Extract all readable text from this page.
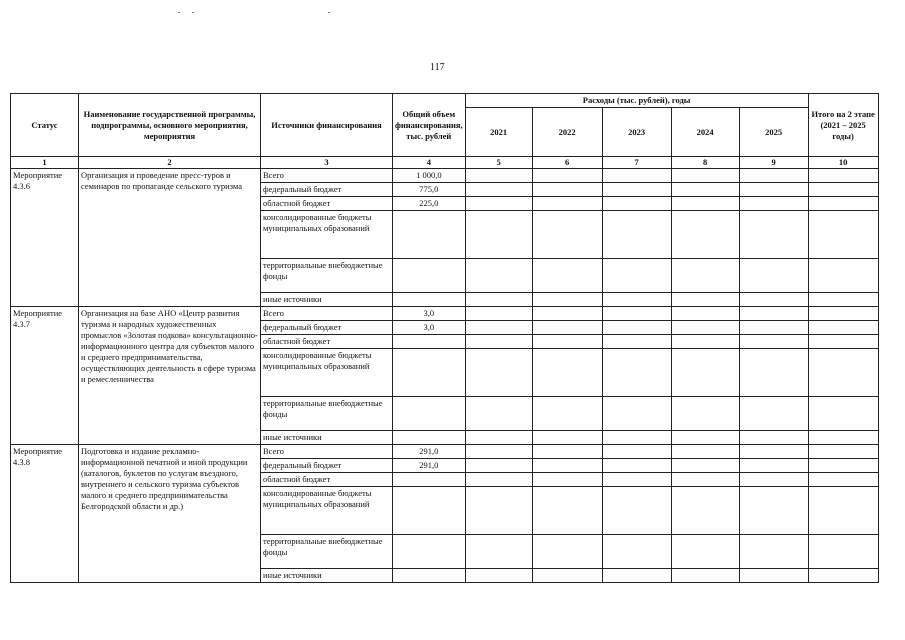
117
Статус	Наименование государственной программы, подпрограммы, основного мероприятия, мероприятия	Источники финансирования	Общий объем финансирования, тыс. рублей	Расходы (тыс. рублей), годы					Итого на 2 этапе (2021 – 2025 годы)
				2021	2022	2023	2024	2025	
1	2	3	4	5	6	7	8	9	10
Мероприятие 4.3.6	Организация и проведение пресс-туров и семинаров по пропаганде сельского туризма	Всего	1 000,0						
		федеральный бюджет	775,0						
		областной бюджет	225,0						
		консолидированные бюджеты муниципальных образований							
		территориальные внебюджетные фонды							
		иные источники							
Мероприятие 4.3.7	Организация на базе АНО «Центр развития туризма и народных художественных промыслов «Золотая подкова» консультационно-информационного центра для субъектов малого и среднего предпринимательства, осуществляющих деятельность в сфере туризма и ремесленничества	Всего	3,0						
		федеральный бюджет	3,0						
		областной бюджет							
		консолидированные бюджеты муниципальных образований							
		территориальные внебюджетные фонды							
		иные источники							
Мероприятие 4.3.8	Подготовка и издание рекламно-информационной печатной и иной продукции (каталогов, буклетов по услугам въездного, внутреннего и сельского туризма субъектов малого и среднего предпринимательства Белгородской области и др.)	Всего	291,0						
		федеральный бюджет	291,0						
		областной бюджет							
		консолидированные бюджеты муниципальных образований							
		территориальные внебюджетные фонды							
		иные источники							
